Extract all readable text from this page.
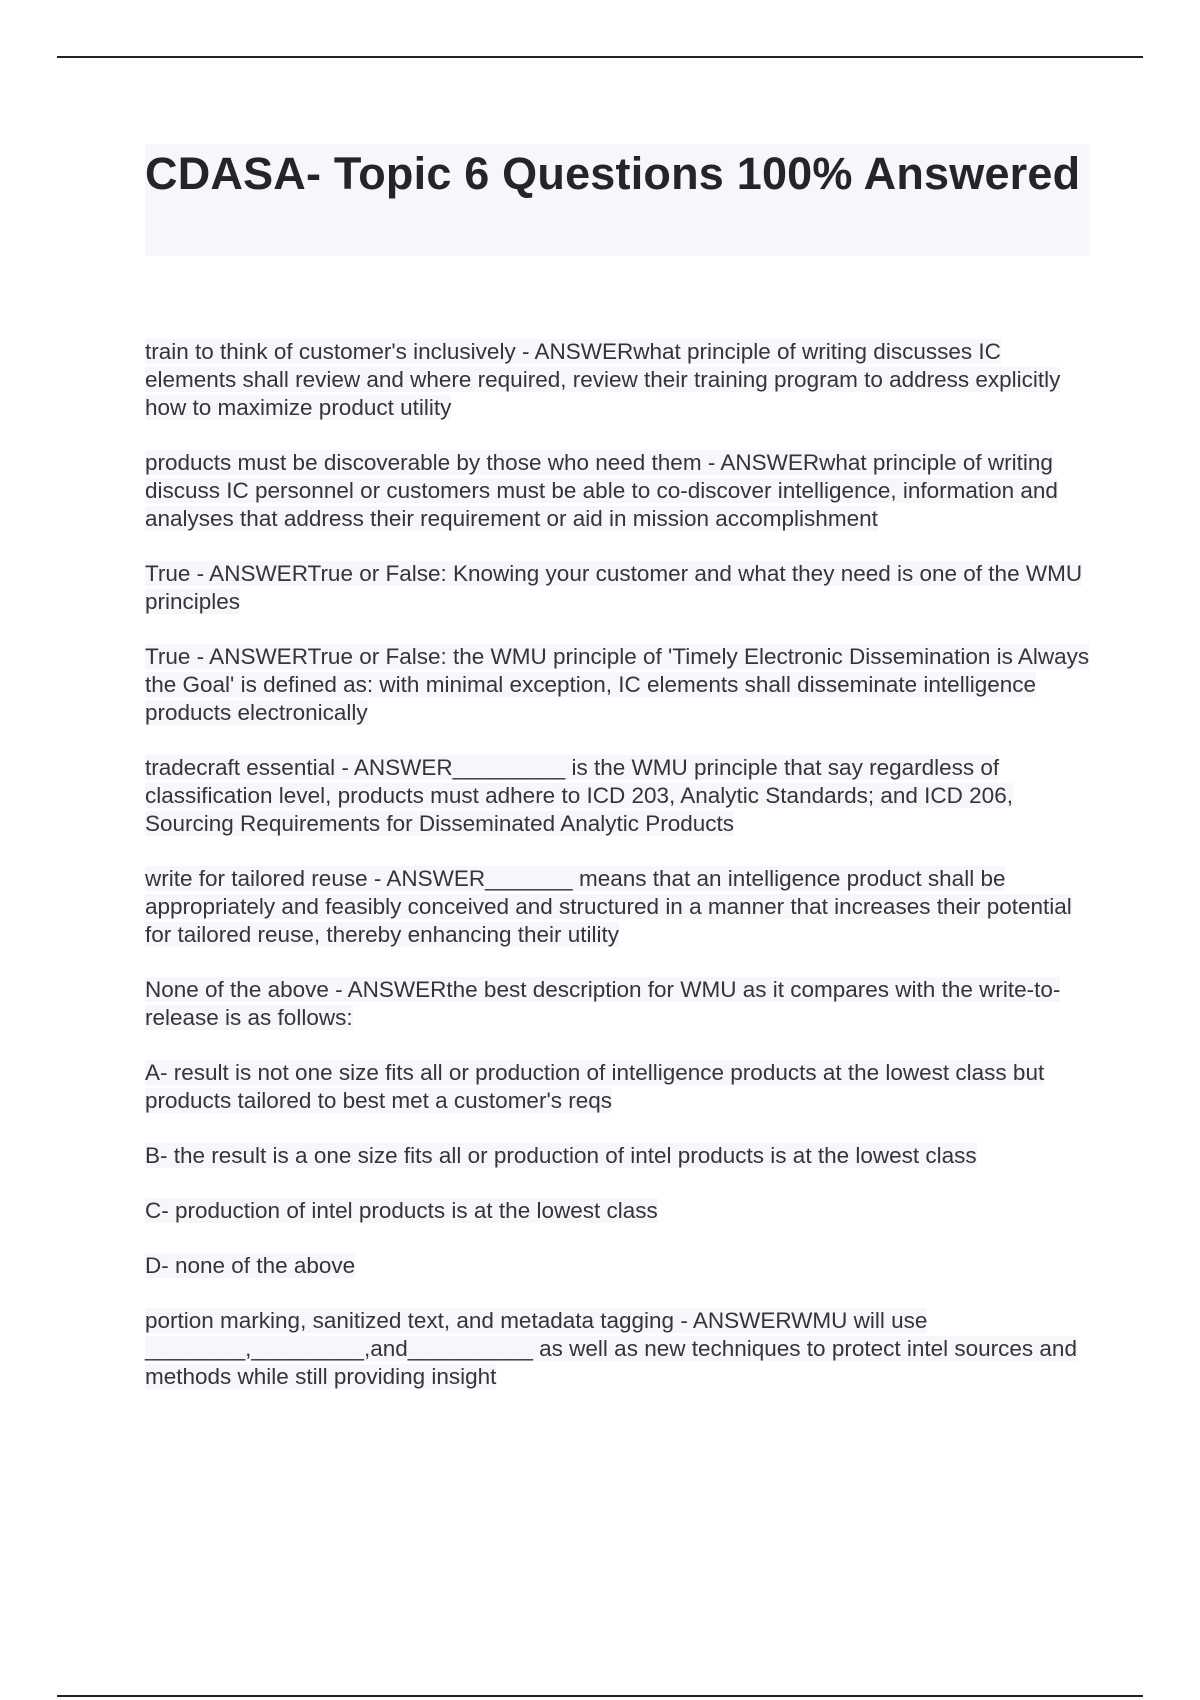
CDASA- Topic 6 Questions 100% Answered

train to think of customer's inclusively - ANSWERwhat principle of writing discusses IC elements shall review and where required, review their training program to address explicitly how to maximize product utility

products must be discoverable by those who need them - ANSWERwhat principle of writing discuss IC personnel or customers must be able to co-discover intelligence, information and analyses that address their requirement or aid in mission accomplishment

True - ANSWERTrue or False: Knowing your customer and what they need is one of the WMU principles

True - ANSWERTrue or False: the WMU principle of 'Timely Electronic Dissemination is Always the Goal' is defined as: with minimal exception, IC elements shall disseminate intelligence products electronically

tradecraft essential - ANSWER_________ is the WMU principle that say regardless of classification level, products must adhere to ICD 203, Analytic Standards; and ICD 206, Sourcing Requirements for Disseminated Analytic Products

write for tailored reuse - ANSWER_______ means that an intelligence product shall be appropriately and feasibly conceived and structured in a manner that increases their potential for tailored reuse, thereby enhancing their utility

None of the above - ANSWERthe best description for WMU as it compares with the write-to-release is as follows:

A- result is not one size fits all or production of intelligence products at the lowest class but products tailored to best met a customer's reqs

B- the result is a one size fits all or production of intel products is at the lowest class

C- production of intel products is at the lowest class

D- none of the above

portion marking, sanitized text, and metadata tagging - ANSWERWMU will use ________,_________,and__________ as well as new techniques to protect intel sources and methods while still providing insight
